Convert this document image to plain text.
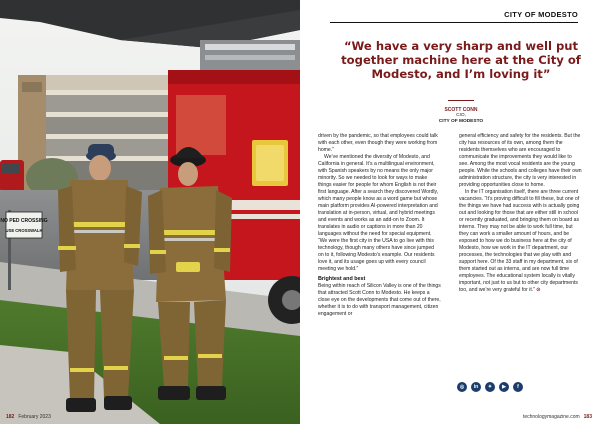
NO PED CROSSING
USE CROSSWALK
182 February 2023
CITY OF MODESTO
“We have a very sharp and well put together machine here at the City of Modesto, and I’m loving it”
SCOTT CONN
CIO,
CITY OF MODESTO

driven by the pandemic, so that employees could talk with each other, even though they were working from home.”

We’ve mentioned the diversity of Modesto, and California in general. It’s a multilingual environment, with Spanish speakers by no means the only major minority. So we needed to look for ways to make things easier for people for whom English is not their first language. After a search they discovered Wordly, which many people know as a word game but whose main platform provides AI-powered interpretation and translation at in-person, virtual, and hybrid meetings and events and works as an add-on to Zoom. It translates in audio or captions in more than 20 languages without the need for special equipment. “We were the first city in the USA to go live with this technology, though many others have since jumped on to it, following Modesto’s example. Our residents love it, and its usage goes up with every council meeting we hold.”

Brightest and best

Being within reach of Silicon Valley is one of the things that attracted Scott Conn to Modesto. He keeps a close eye on the developments that come out of there, whether it is to do with transport management, citizen engagement or

general efficiency and safety for the residents. But the city has resources of its own, among them the residents themselves who are encouraged to communicate the improvements they would like to see. Among the most vocal residents are the young people. While the schools and colleges have their own administration structure, the city is very interested in providing opportunities close to home.

In the IT organisation itself, there are three current vacancies. “It’s proving difficult to fill these, but one of the things we have had success with is actually going out and looking for those that are either still in school or recently graduated, and bringing them on board as interns. They may not be able to work full time, but they can work a smaller amount of hours, and be exposed to how we do business here at the city of Modesto, how we work in the IT department, our processes, the technologies that we play with and support here. Of the 33 staff in my department, six of them started out as interns, and are now full time employees. The educational system locally is vitally important, not just to us but to other city departments too, and we’re very grateful for it.” ⊙

◎	in	✦	▶	f
technologymagazine.com 183
